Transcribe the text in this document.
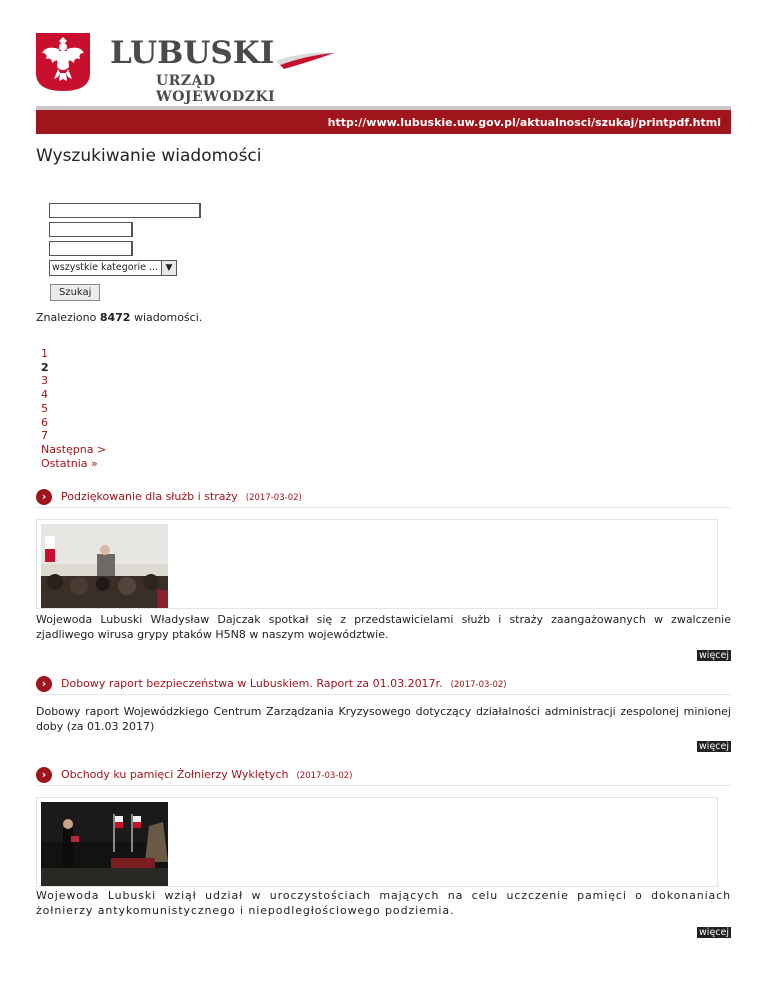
LUBUSKI
URZĄD WOJEWODZKI
http://www.lubuskie.uw.gov.pl/aktualnosci/szukaj/printpdf.html
Wyszukiwanie wiadomości
wszystkie kategorie ... ▼
Szukaj
Znaleziono 8472 wiadomości.
1
2
3
4
5
6
7
Następna >
Ostatnia »
›	Podziękowanie dla służb i straży (2017-03-02)
Wojewoda Lubuski Władysław Dajczak spotkał się z przedstawicielami służb i straży zaangażowanych w zwalczenie zjadliwego wirusa grypy ptaków H5N8 w naszym województwie.
więcej
›	Dobowy raport bezpieczeństwa w Lubuskiem. Raport za 01.03.2017r. (2017-03-02)
Dobowy raport Wojewódzkiego Centrum Zarządzania Kryzysowego dotyczący działalności administracji zespolonej minionej doby (za 01.03 2017)
więcej
›	Obchody ku pamięci Żołnierzy Wyklętych (2017-03-02)
Wojewoda Lubuski wziął udział w uroczystościach mających na celu uczczenie pamięci o dokonaniach żołnierzy antykomunistycznego i niepodległościowego podziemia.
więcej
